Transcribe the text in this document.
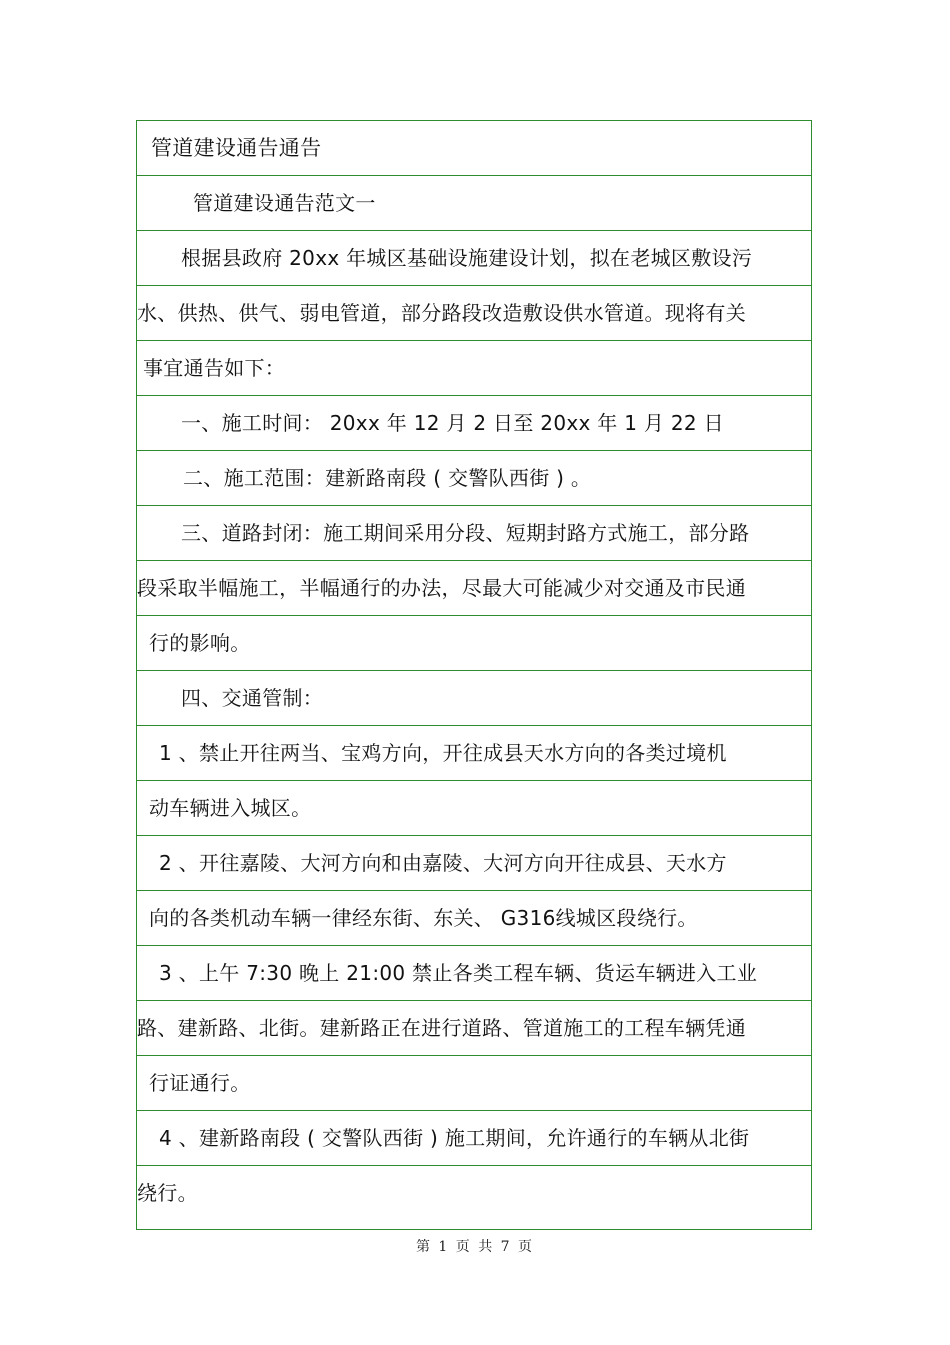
管道建设通告通告
管道建设通告范文一
根据县政府 20xx 年城区基础设施建设计划，拟在老城区敷设污
水、供热、供气、弱电管道，部分路段改造敷设供水管道。现将有关
事宜通告如下：
一、施工时间： 20xx 年 12 月 2 日至 20xx 年 1 月 22 日
二、施工范围：建新路南段 ( 交警队西街 ) 。
三、道路封闭：施工期间采用分段、短期封路方式施工，部分路
段采取半幅施工，半幅通行的办法，尽最大可能减少对交通及市民通
行的影响。
四、交通管制：
1 、禁止开往两当、宝鸡方向，开往成县天水方向的各类过境机
动车辆进入城区。
2 、开往嘉陵、大河方向和由嘉陵、大河方向开往成县、天水方
向的各类机动车辆一律经东街、东关、 G316线城区段绕行。
3 、上午 7:30 晚上 21:00 禁止各类工程车辆、货运车辆进入工业
路、建新路、北街。建新路正在进行道路、管道施工的工程车辆凭通
行证通行。
4 、建新路南段 ( 交警队西街 ) 施工期间，允许通行的车辆从北街
绕行。
第 1 页 共 7 页
